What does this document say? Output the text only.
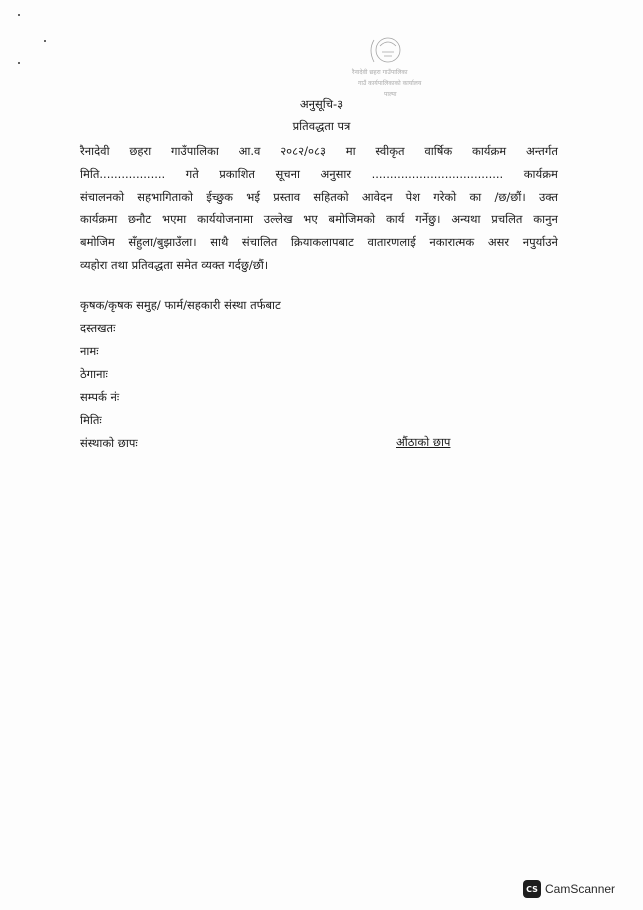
रैनादेवी छहरा गाउँपालिका
गाउँ कार्यपालिकाको कार्यालय
पाल्पा
अनुसूचि-३
प्रतिवद्धता पत्र
रैनादेवी छहरा गाउँपालिका आ.व २०८२/०८३ मा स्वीकृत वार्षिक कार्यक्रम अन्तर्गत
मिति.................. गते प्रकाशित सूचना अनुसार .................................... कार्यक्रम
संचालनको सहभागिताको ईच्छुक भई प्रस्ताव सहितको आवेदन पेश गरेको का /छ/छौं। उक्त
कार्यक्रमा छनौट भएमा कार्ययोजनामा उल्लेख भए बमोजिमको कार्य गर्नेछु। अन्यथा प्रचलित कानुन
बमोजिम सँहुला/बुझाउँला। साथै संचालित क्रियाकलापबाट वातारणलाई नकारात्मक असर नपुर्याउने
व्यहोरा तथा प्रतिवद्धता समेत व्यक्त गर्दछु/छौं।
कृषक/कृषक समुह/ फार्म/सहकारी संस्था तर्फबाट
दस्तखतः
नामः
ठेगानाः
सम्पर्क नंः
मितिः
संस्थाको छापः	औंठाको छाप
CS CamScanner
